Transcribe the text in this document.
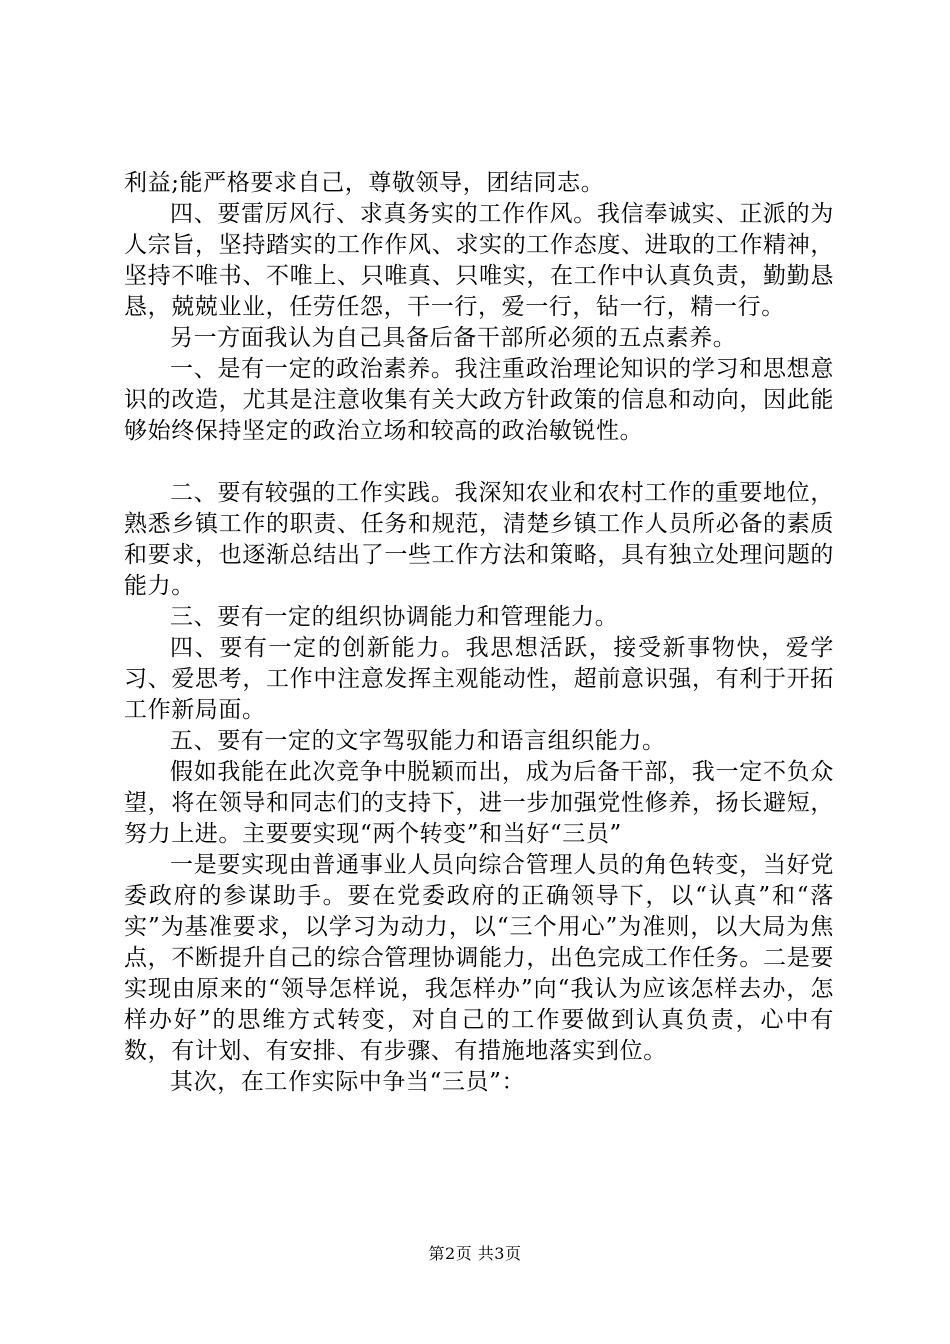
利益;能严格要求自己，尊敬领导，团结同志。

四、要雷厉风行、求真务实的工作作风。我信奉诚实、正派的为人宗旨，坚持踏实的工作作风、求实的工作态度、进取的工作精神，坚持不唯书、不唯上、只唯真、只唯实，在工作中认真负责，勤勤恳恳，兢兢业业，任劳任怨，干一行，爱一行，钻一行，精一行。

另一方面我认为自己具备后备干部所必须的五点素养。

一、是有一定的政治素养。我注重政治理论知识的学习和思想意识的改造，尤其是注意收集有关大政方针政策的信息和动向，因此能够始终保持坚定的政治立场和较高的政治敏锐性。

二、要有较强的工作实践。我深知农业和农村工作的重要地位，熟悉乡镇工作的职责、任务和规范，清楚乡镇工作人员所必备的素质和要求，也逐渐总结出了一些工作方法和策略，具有独立处理问题的能力。

三、要有一定的组织协调能力和管理能力。

四、要有一定的创新能力。我思想活跃，接受新事物快，爱学习、爱思考，工作中注意发挥主观能动性，超前意识强，有利于开拓工作新局面。

五、要有一定的文字驾驭能力和语言组织能力。

假如我能在此次竞争中脱颖而出，成为后备干部，我一定不负众望，将在领导和同志们的支持下，进一步加强党性修养，扬长避短，努力上进。主要要实现“两个转变”和当好“三员”

一是要实现由普通事业人员向综合管理人员的角色转变，当好党委政府的参谋助手。要在党委政府的正确领导下，以“认真”和“落实”为基准要求，以学习为动力，以“三个用心”为准则，以大局为焦点，不断提升自己的综合管理协调能力，出色完成工作任务。二是要实现由原来的“领导怎样说，我怎样办”向“我认为应该怎样去办，怎样办好”的思维方式转变，对自己的工作要做到认真负责，心中有数，有计划、有安排、有步骤、有措施地落实到位。

其次，在工作实际中争当“三员”：

第2页 共3页
